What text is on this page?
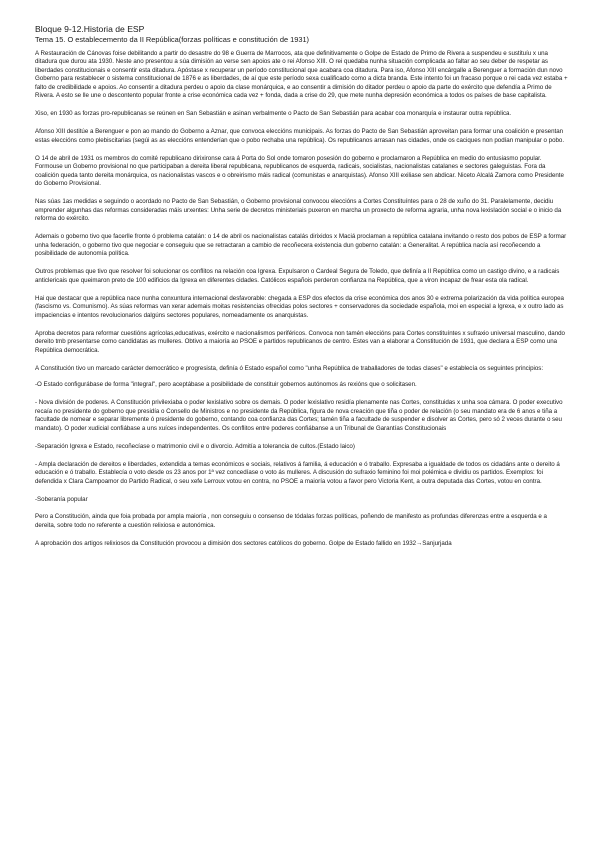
Bloque 9-12.Historia de ESP
Tema 15. O establecemento da II República(forzas políticas e constitución de 1931)

A Restauración de Cánovas foise debilitando a partir do desastre do 98 e Guerra de Marrocos, ata que definitivamente o Golpe de Estado de Primo de Rivera a suspendeu e sustituíu x una ditadura que durou ata 1930. Neste ano presentou a súa dimisión ao verse sen apoios ate o rei Afonso XIII. O rei quedaba nunha situación complicada ao faltar ao seu deber de respetar as liberdades constitucionais e consentir esta ditadura. Apóstase x recuperar un período constitucional que acabara coa ditadura. Para iso, Afonso XIII encárgalle a Berenguer a formación dun novo Goberno para restablecer o sistema constitucional de 1876 e as liberdades, de aí que este período sexa cualificado como a dicta branda. Este intento foi un fracaso porque o rei cada vez estaba + falto de credibilidade e apoios. Ao consentir a ditadura perdeu o apoio da clase monárquica, e ao consentir a dimisión do ditador perdeu o apoio da parte do exército que defendía a Primo de Rivera. A esto se lle une o descontento popular fronte a crise económica cada vez + fonda, dada a crise do 29, que mete nunha depresión económica a todos os países de base capitalista.

Xiso, en 1930 as forzas pro-republicanas se reúnen en San Sebastián e asinan verbalmente o Pacto de San Sebastián para acabar coa monarquía e instaurar outra república.

Afonso XIII destitúe a Berenguer e pon ao mando do Goberno a Aznar, que convoca eleccións municipais. As forzas do Pacto de San Sebastián aproveitan para formar una coalición e presentan estas eleccións como plebiscitarias (segúi as as eleccións entenderían que o pobo rechaba una república). Os republicanos arrasan nas cidades, onde os caciques non podían manipular o pobo.

O 14 de abril de 1931 os membros do comité republicano dirixironse cara á Porta do Sol onde tomaron posesión do goberno e proclamaron a República en medio do entusiasmo popular. Formouse un Goberno provisional no que participaban a dereita liberal republicana, republicanos de esquerda, radicais, socialistas, nacionalistas catalanes e sectores galeguistas. Fora da coalición queda tanto dereita monárquica, os nacionalistas vascos e o obreirismo máis radical (comunistas e anarquistas). Afonso XIII exiliase sen abdicar. Niceto Alcalá Zamora como Presidente do Goberno Provisional.

Nas súas 1as medidas e seguindo o acordado no Pacto de San Sebastián, o Goberno provisional convocou eleccións a Cortes Constituíntes para o 28 de xuño do 31. Paralelamente, decidiu emprender algunhas das reformas consideradas máis urxentes: Unha serie de decretos ministeriais puxeron en marcha un proxecto de reforma agraria, unha nova lexislación social e o inicio da reforma do exército.

Ademais o goberno tivo que facerlle fronte ó problema catalán: o 14 de abril os nacionalistas catalás dirixidos x Maciá proclaman a república catalana invitando o resto dos pobos de ESP a formar unha federación, o goberno tivo que negociar e conseguiu que se retractaran a cambio de recoñecera existencia dun goberno catalán: a Generalitat. A república nacía así recoñecendo a posibilidade de autonomía política.

Outros problemas que tivo que resolver foi solucionar os conflitos na relación coa Igrexa. Expulsaron o Cardeal Segura de Toledo, que definía a II República como un castigo divino, e a radicais anticlericais que queimaron preto de 100 edificios da Igrexa en diferentes cidades. Católicos españois perderon confianza na República, que a viron incapaz de frear esta ola radical.

Hai que destacar que a república nace nunha conxuntura internacional desfavorable: chegada a ESP dos efectos da crise económica dos anos 30 e extrema polarización da vida política europea (fascismo vs. Comunismo). As súas reformas van xerar ademais moitas resistencias ofrecidas polos sectores + conservadores da sociedade española, moi en especial a Igrexa, e x outro lado as impaciencias e intentos revolucionarios dalgúns sectores populares, nomeadamente os anarquistas.

Aproba decretos para reformar cuestións agrícolas,educativas, exército e nacionalismos periféricos. Convoca non tamén eleccións para Cortes constituíntes x sufraxio universal masculino, dando dereito tmb presentarse como candidatas as mulleres. Obtivo a maioría ao PSOE e partidos republicanos de centro. Estes van a elaborar a Constitución de 1931, que declara a ESP como una República democrática.

A Constitución tivo un marcado carácter democrático e progresista, definía ó Estado español como "unha República de traballadores de todas clases" e establecía os seguintes principios:

-O Estado configurábase de forma "integral", pero aceptábase a posibilidade de constituir gobernos autónomos ás rexións que o solicitasen.

- Nova división de poderes. A Constitución privilexiaba o poder lexislativo sobre os demais. O poder lexislativo residía plenamente nas Cortes, constituidas x unha soa cámara. O poder executivo recaía no presidente do goberno que presidía o Consello de Ministros e no presidente da República, figura de nova creación que tiña o poder de relación (o seu mandato era de 6 anos e tiña a facultade de nomear e separar libremente ó presidente do goberno, contando coa confianza das Cortes; tamén tiña a facultade de suspender e disolver as Cortes, pero só 2 veces durante o seu mandato). O poder xudicial confiábase a uns xuíces independentes. Os conflitos entre poderes confiábanse a un Tribunal de Garantías Constitucionais

-Separación Igrexa e Estado, recoñecíase o matrimonio civil e o divorcio. Admitía a tolerancia de cultos.(Estado laico)

- Ampla declaración de dereitos e liberdades, extendida a temas económicos e sociais, relativos á familia, á educación e ó traballo. Expresaba a igualdade de todos os cidadáns ante o dereito á educación e ó traballo. Establecía o voto desde os 23 anos por 1ª vez concedíase o voto ás mulleres. A discusión do sufraxio feminino foi moi polémica e dividiu os partidos. Exemplos: foi defendida x Clara Campoamor do Partido Radical, o seu xefe Lerroux votou en contra, no PSOE a maioría votou a favor pero Victoria Kent, a outra deputada das Cortes, votou en contra.

-Soberanía popular

Pero a Constitución, ainda que foia probada por ampla maioría , non conseguiu o consenso de tódalas forzas políticas, poñendo de manifesto as profundas diferenzas entre a esquerda e a dereita, sobre todo no referente a cuestión relixiosa e autonómica.

A aprobación dos artigos relixiosos da Constitución provocou a dimisión dos sectores católicos do goberno. Golpe de Estado fallido en 1932→Sanjurjada
